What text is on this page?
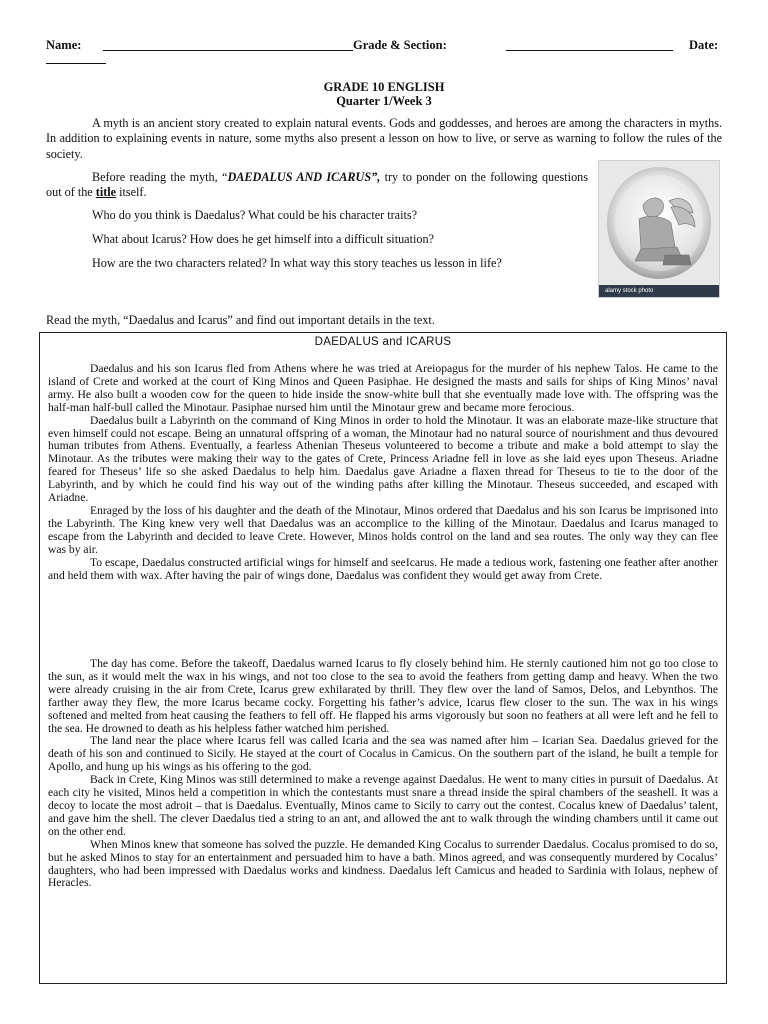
Name:	Grade & Section:	Date:
GRADE 10 ENGLISH
Quarter 1/Week 3
A myth is an ancient story created to explain natural events. Gods and goddesses, and heroes are among the characters in myths. In addition to explaining events in nature, some myths also present a lesson on how to live, or serve as warning to follow the rules of the society.
Before reading the myth, “DAEDALUS AND ICARUS”, try to ponder on the following questions out of the title itself.
Who do you think is Daedalus? What could be his character traits?
What about Icarus? How does he get himself into a difficult situation?
How are the two characters related? In what way this story teaches us lesson in life?
alamy stock photo
Read the myth, “Daedalus and Icarus” and find out important details in the text.
DAEDALUS and ICARUS

Daedalus and his son Icarus fled from Athens where he was tried at Areiopagus for the murder of his nephew Talos. He came to the island of Crete and worked at the court of King Minos and Queen Pasiphae. He designed the masts and sails for ships of King Minos’ naval army. He also built a wooden cow for the queen to hide inside the snow-white bull that she eventually made love with. The offspring was the half-man half-bull called the Minotaur. Pasiphae nursed him until the Minotaur grew and became more ferocious.

Daedalus built a Labyrinth on the command of King Minos in order to hold the Minotaur. It was an elaborate maze-like structure that even himself could not escape. Being an unnatural offspring of a woman, the Minotaur had no natural source of nourishment and thus devoured human tributes from Athens. Eventually, a fearless Athenian Theseus volunteered to become a tribute and make a bold attempt to slay the Minotaur. As the tributes were making their way to the gates of Crete, Princess Ariadne fell in love as she laid eyes upon Theseus. Ariadne feared for Theseus’ life so she asked Daedalus to help him. Daedalus gave Ariadne a flaxen thread for Theseus to tie to the door of the Labyrinth, and by which he could find his way out of the winding paths after killing the Minotaur. Theseus succeeded, and escaped with Ariadne.

Enraged by the loss of his daughter and the death of the Minotaur, Minos ordered that Daedalus and his son Icarus be imprisoned into the Labyrinth. The King knew very well that Daedalus was an accomplice to the killing of the Minotaur. Daedalus and Icarus managed to escape from the Labyrinth and decided to leave Crete. However, Minos holds control on the land and sea routes. The only way they can flee was by air.

To escape, Daedalus constructed artificial wings for himself and seeIcarus. He made a tedious work, fastening one feather after another and held them with wax. After having the pair of wings done, Daedalus was confident they would get away from Crete.

The day has come. Before the takeoff, Daedalus warned Icarus to fly closely behind him. He sternly cautioned him not go too close to the sun, as it would melt the wax in his wings, and not too close to the sea to avoid the feathers from getting damp and heavy. When the two were already cruising in the air from Crete, Icarus grew exhilarated by thrill. They flew over the land of Samos, Delos, and Lebynthos. The farther away they flew, the more Icarus became cocky. Forgetting his father’s advice, Icarus flew closer to the sun. The wax in his wings softened and melted from heat causing the feathers to fell off. He flapped his arms vigorously but soon no feathers at all were left and he fell to the sea. He drowned to death as his helpless father watched him perished.

The land near the place where Icarus fell was called Icaria and the sea was named after him – Icarian Sea. Daedalus grieved for the death of his son and continued to Sicily. He stayed at the court of Cocalus in Camicus. On the southern part of the island, he built a temple for Apollo, and hung up his wings as his offering to the god.

Back in Crete, King Minos was still determined to make a revenge against Daedalus. He went to many cities in pursuit of Daedalus. At each city he visited, Minos held a competition in which the contestants must snare a thread inside the spiral chambers of the seashell. It was a decoy to locate the most adroit – that is Daedalus. Eventually, Minos came to Sicily to carry out the contest. Cocalus knew of Daedalus’ talent, and gave him the shell. The clever Daedalus tied a string to an ant, and allowed the ant to walk through the winding chambers until it came out on the other end.

When Minos knew that someone has solved the puzzle. He demanded King Cocalus to surrender Daedalus. Cocalus promised to do so, but he asked Minos to stay for an entertainment and persuaded him to have a bath. Minos agreed, and was consequently murdered by Cocalus’ daughters, who had been impressed with Daedalus works and kindness. Daedalus left Camicus and headed to Sardinia with Iolaus, nephew of Heracles.
